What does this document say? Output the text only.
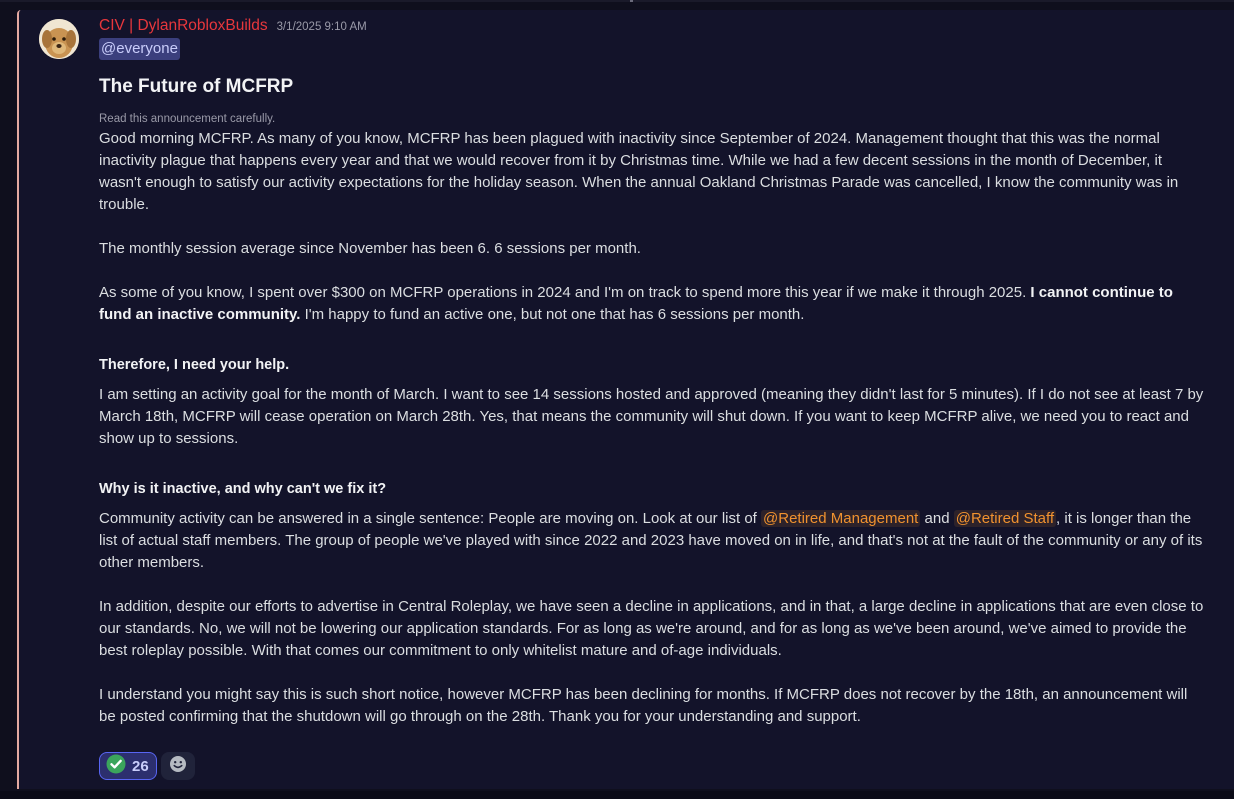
CIV | DylanRobloxBuilds 3/1/2025 9:10 AM
@everyone
The Future of MCFRP
Read this announcement carefully.

Good morning MCFRP. As many of you know, MCFRP has been plagued with inactivity since September of 2024. Management thought that this was the normal inactivity plague that happens every year and that we would recover from it by Christmas time. While we had a few decent sessions in the month of December, it wasn't enough to satisfy our activity expectations for the holiday season. When the annual Oakland Christmas Parade was cancelled, I know the community was in trouble.

The monthly session average since November has been 6. 6 sessions per month.

As some of you know, I spent over $300 on MCFRP operations in 2024 and I'm on track to spend more this year if we make it through 2025. I cannot continue to fund an inactive community. I'm happy to fund an active one, but not one that has 6 sessions per month.

Therefore, I need your help.

I am setting an activity goal for the month of March. I want to see 14 sessions hosted and approved (meaning they didn't last for 5 minutes). If I do not see at least 7 by March 18th, MCFRP will cease operation on March 28th. Yes, that means the community will shut down. If you want to keep MCFRP alive, we need you to react and show up to sessions.

Why is it inactive, and why can't we fix it?

Community activity can be answered in a single sentence: People are moving on. Look at our list of @Retired Management and @Retired Staff , it is longer than the list of actual staff members. The group of people we've played with since 2022 and 2023 have moved on in life, and that's not at the fault of the community or any of its other members.

In addition, despite our efforts to advertise in Central Roleplay, we have seen a decline in applications, and in that, a large decline in applications that are even close to our standards. No, we will not be lowering our application standards. For as long as we're around, and for as long as we've been around, we've aimed to provide the best roleplay possible. With that comes our commitment to only whitelist mature and of-age individuals.

I understand you might say this is such short notice, however MCFRP has been declining for months. If MCFRP does not recover by the 18th, an announcement will be posted confirming that the shutdown will go through on the 28th. Thank you for your understanding and support.

26
